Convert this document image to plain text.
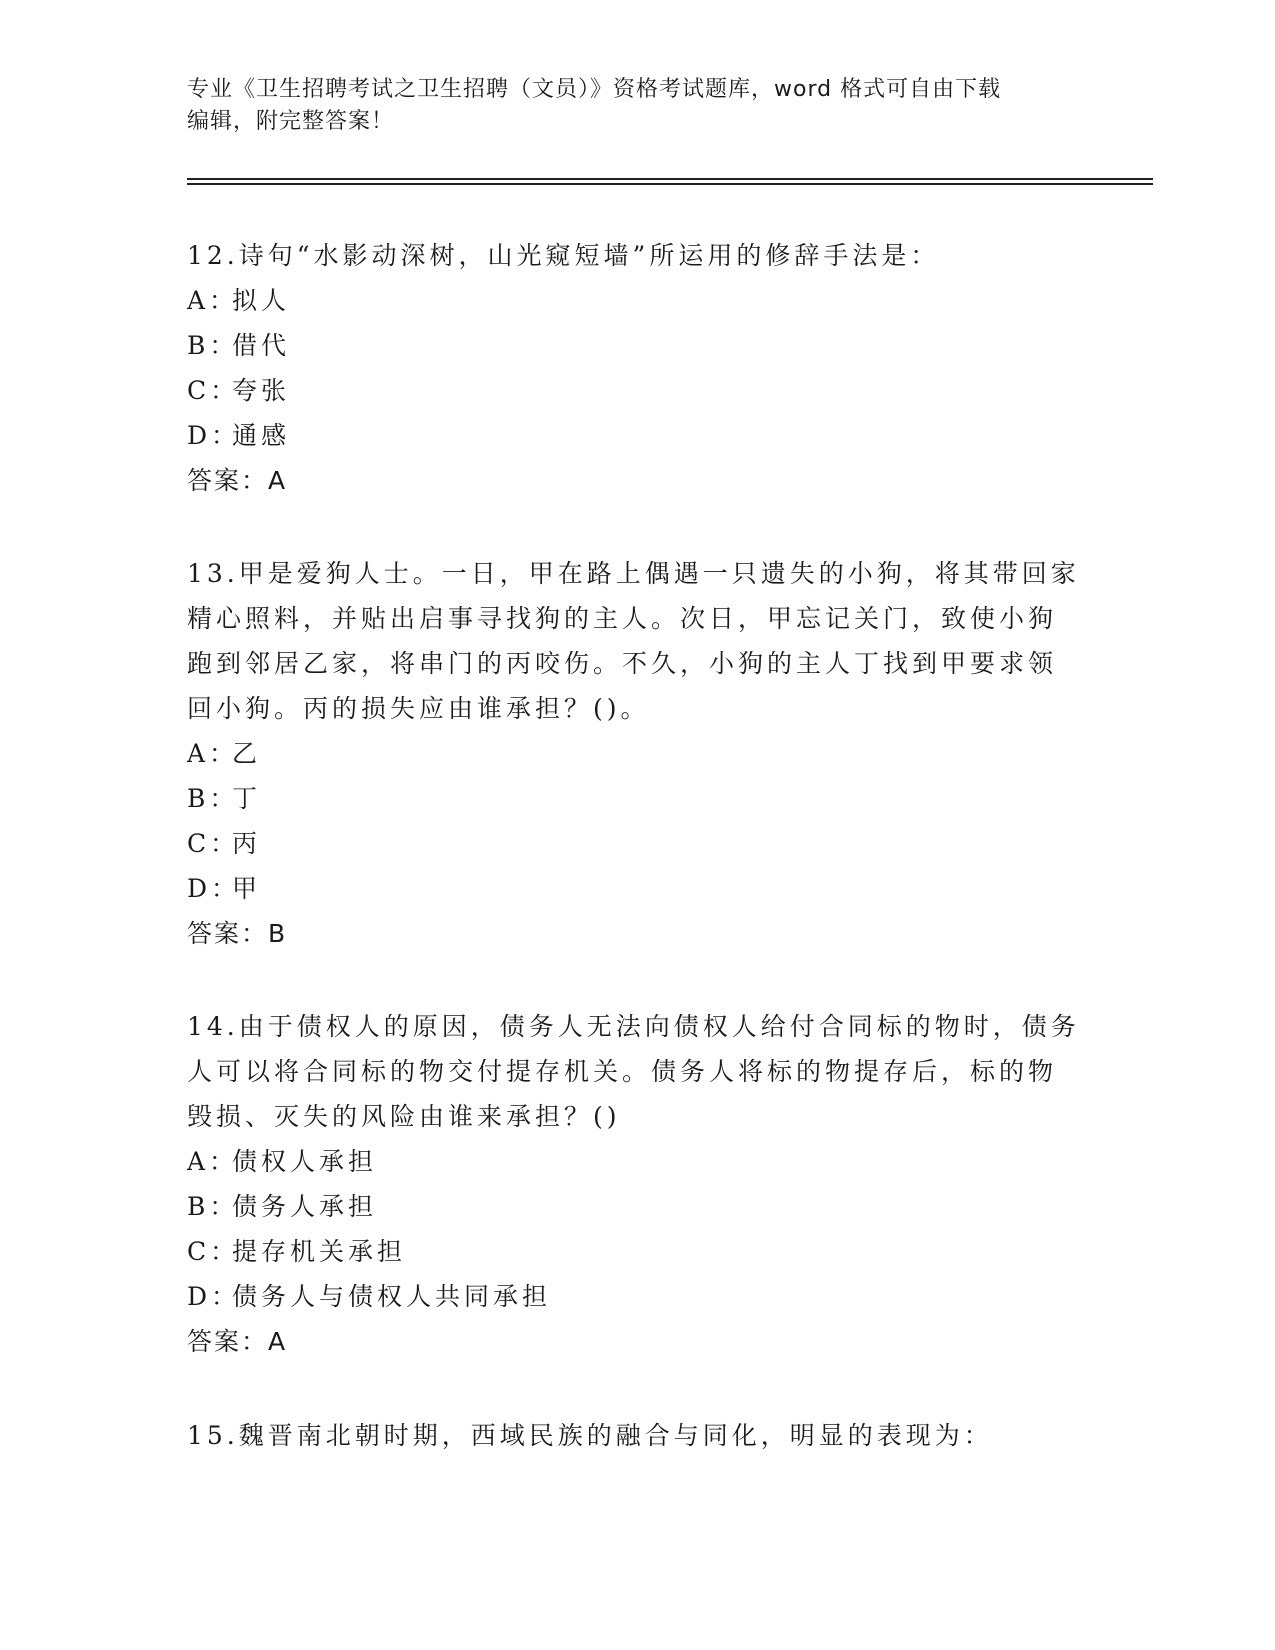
专业《卫生招聘考试之卫生招聘（文员）》资格考试题库，word 格式可自由下载
编辑，附完整答案！

12.诗句“水影动深树，山光窥短墙”所运用的修辞手法是：

A：
拟人

B：
借代

C：
夸张

D：
通感

答案：A

13.甲是爱狗人士。一日，甲在路上偶遇一只遗失的小狗，将其带回家

精心照料，并贴出启事寻找狗的主人。次日，甲忘记关门，致使小狗

跑到邻居乙家，将串门的丙咬伤。不久，小狗的主人丁找到甲要求领

回小狗。丙的损失应由谁承担？()。

A：
乙

B：
丁

C：
丙

D：
甲

答案：B

14.由于债权人的原因，债务人无法向债权人给付合同标的物时，债务

人可以将合同标的物交付提存机关。债务人将标的物提存后，标的物

毁损、灭失的风险由谁来承担？()

A：
债权人承担

B：
债务人承担

C：
提存机关承担

D：
债务人与债权人共同承担

答案：A

15.魏晋南北朝时期，西域民族的融合与同化，明显的表现为：
